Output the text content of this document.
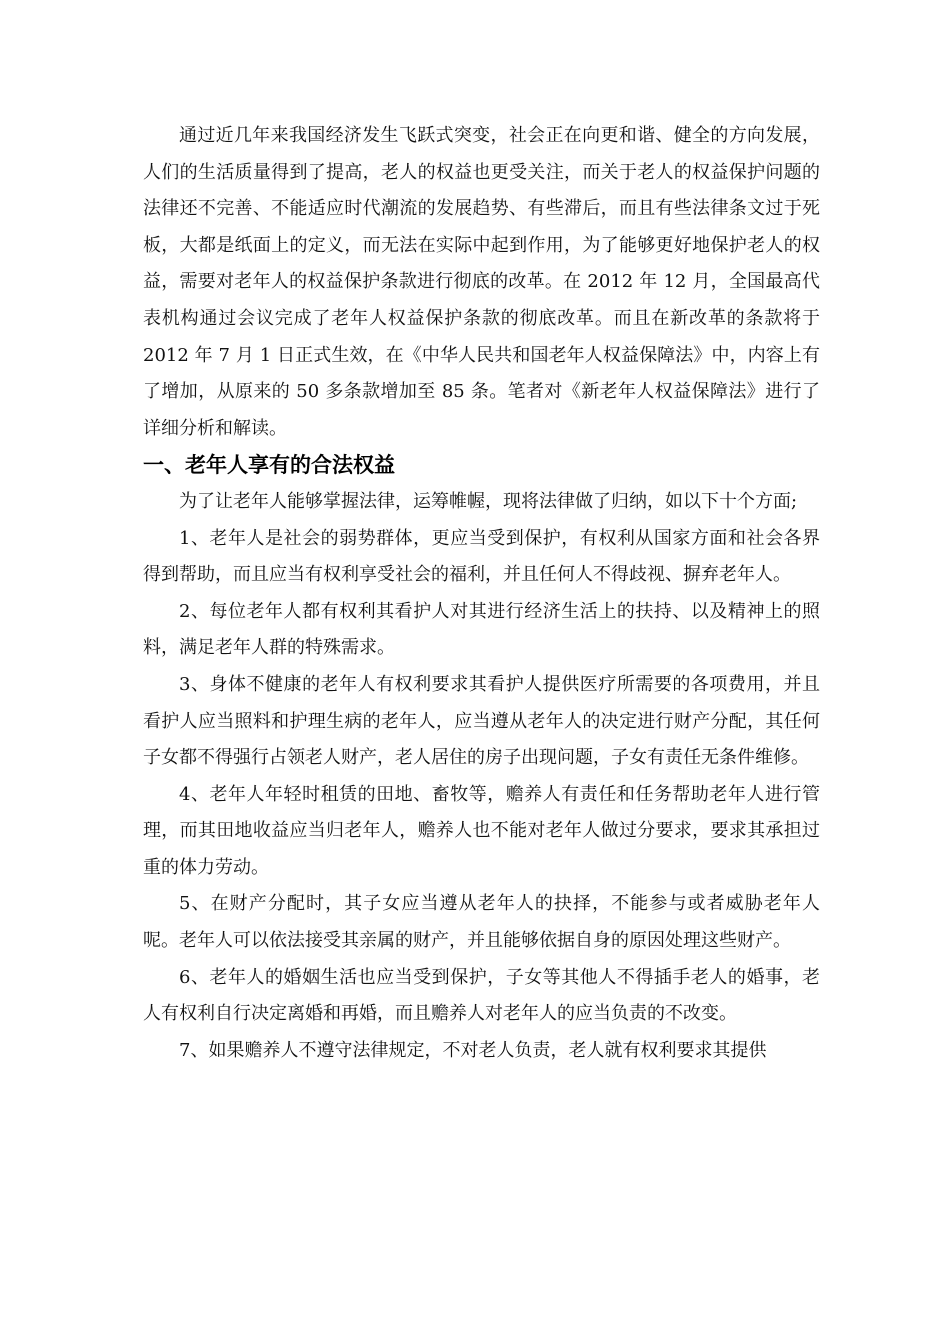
通过近几年来我国经济发生飞跃式突变，社会正在向更和谐、健全的方向发展，人们的生活质量得到了提高，老人的权益也更受关注，而关于老人的权益保护问题的法律还不完善、不能适应时代潮流的发展趋势、有些滞后，而且有些法律条文过于死板，大都是纸面上的定义，而无法在实际中起到作用，为了能够更好地保护老人的权益，需要对老年人的权益保护条款进行彻底的改革。在 2012 年 12 月，全国最高代表机构通过会议完成了老年人权益保护条款的彻底改革。而且在新改革的条款将于 2012 年 7 月 1 日正式生效，在《中华人民共和国老年人权益保障法》中，内容上有了增加，从原来的 50 多条款增加至 85 条。笔者对《新老年人权益保障法》进行了详细分析和解读。

一、老年人享有的合法权益

为了让老年人能够掌握法律，运筹帷幄，现将法律做了归纳，如以下十个方面;

1、老年人是社会的弱势群体，更应当受到保护，有权利从国家方面和社会各界得到帮助，而且应当有权利享受社会的福利，并且任何人不得歧视、摒弃老年人。

2、每位老年人都有权利其看护人对其进行经济生活上的扶持、以及精神上的照料，满足老年人群的特殊需求。

3、身体不健康的老年人有权利要求其看护人提供医疗所需要的各项费用，并且看护人应当照料和护理生病的老年人，应当遵从老年人的决定进行财产分配，其任何子女都不得强行占领老人财产，老人居住的房子出现问题，子女有责任无条件维修。

4、老年人年轻时租赁的田地、畜牧等，赡养人有责任和任务帮助老年人进行管理，而其田地收益应当归老年人，赡养人也不能对老年人做过分要求，要求其承担过重的体力劳动。

5、在财产分配时，其子女应当遵从老年人的抉择，不能参与或者威胁老年人呢。老年人可以依法接受其亲属的财产，并且能够依据自身的原因处理这些财产。

6、老年人的婚姻生活也应当受到保护，子女等其他人不得插手老人的婚事，老人有权利自行决定离婚和再婚，而且赡养人对老年人的应当负责的不改变。

7、如果赡养人不遵守法律规定，不对老人负责，老人就有权利要求其提供
